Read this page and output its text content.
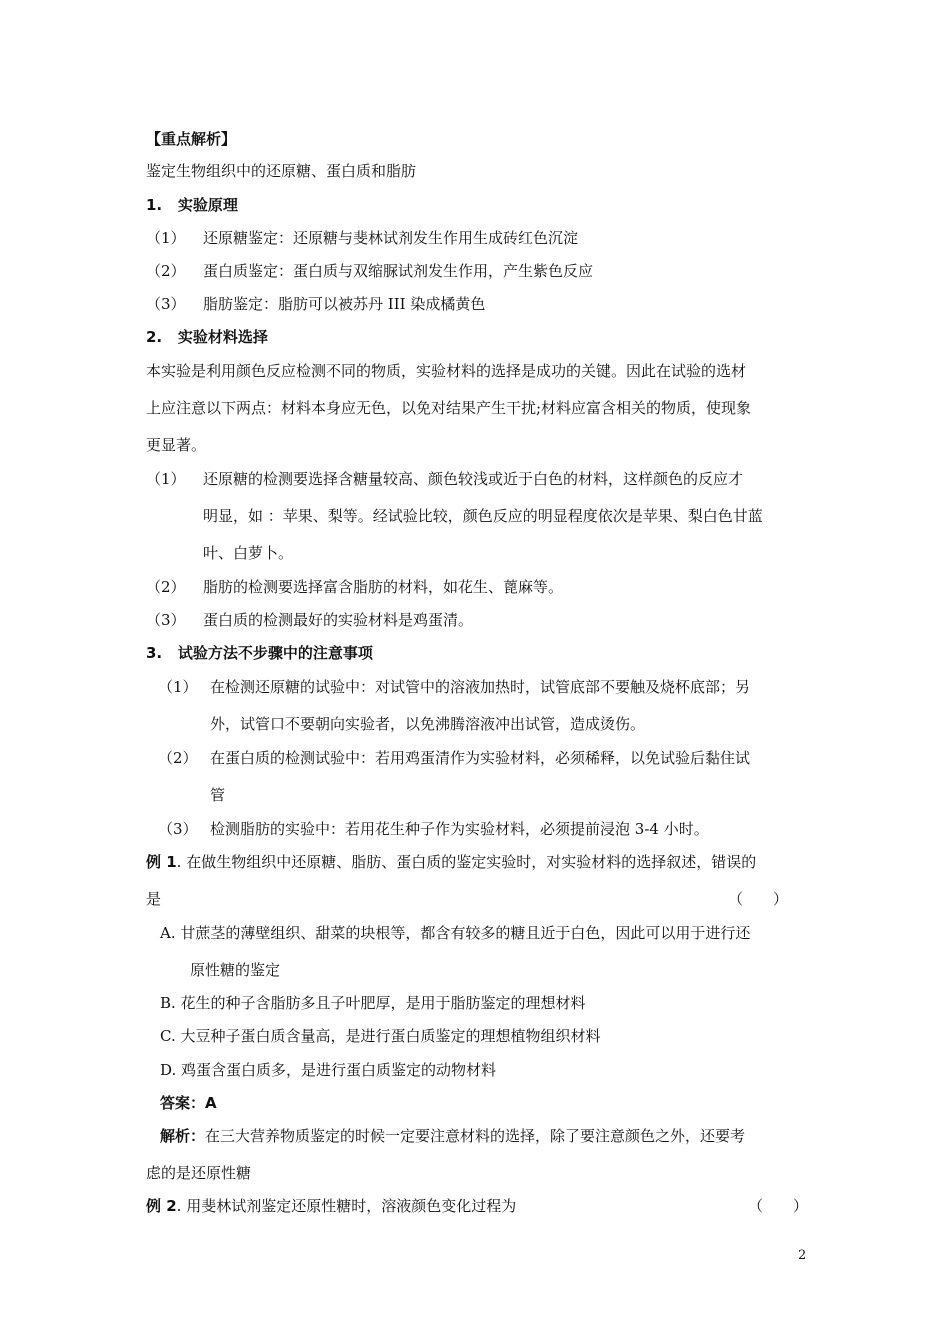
【重点解析】
鉴定生物组织中的还原糖、蛋白质和脂肪
1. 实验原理
（1） 还原糖鉴定：还原糖与斐林试剂发生作用生成砖红色沉淀
（2） 蛋白质鉴定：蛋白质与双缩脲试剂发生作用，产生紫色反应
（3） 脂肪鉴定：脂肪可以被苏丹 III 染成橘黄色
2. 实验材料选择
本实验是利用颜色反应检测不同的物质，实验材料的选择是成功的关键。因此在试验的选材
上应注意以下两点：材料本身应无色，以免对结果产生干扰;材料应富含相关的物质，使现象
更显著。
（1） 还原糖的检测要选择含糖量较高、颜色较浅或近于白色的材料，这样颜色的反应才
明显，如 ：苹果、梨等。经试验比较，颜色反应的明显程度依次是苹果、梨白色甘蓝
叶、白萝卜。
（2） 脂肪的检测要选择富含脂肪的材料，如花生、蓖麻等。
（3） 蛋白质的检测最好的实验材料是鸡蛋清。
3. 试验方法不步骤中的注意事项
（1） 在检测还原糖的试验中：对试管中的溶液加热时，试管底部不要触及烧杯底部；另
外，试管口不要朝向实验者，以免沸腾溶液冲出试管，造成烫伤。
（2） 在蛋白质的检测试验中：若用鸡蛋清作为实验材料，必须稀释，以免试验后黏住试
管
（3） 检测脂肪的实验中：若用花生种子作为实验材料，必须提前浸泡 3-4 小时。
例 1. 在做生物组织中还原糖、脂肪、蛋白质的鉴定实验时，对实验材料的选择叙述，错误的
是	（　　）
A. 甘蔗茎的薄壁组织、甜菜的块根等，都含有较多的糖且近于白色，因此可以用于进行还
原性糖的鉴定
B. 花生的种子含脂肪多且子叶肥厚，是用于脂肪鉴定的理想材料
C. 大豆种子蛋白质含量高，是进行蛋白质鉴定的理想植物组织材料
D. 鸡蛋含蛋白质多，是进行蛋白质鉴定的动物材料
答案：A
解析：在三大营养物质鉴定的时候一定要注意材料的选择，除了要注意颜色之外，还要考
虑的是还原性糖
例 2. 用斐林试剂鉴定还原性糖时，溶液颜色变化过程为	（　　）
2
